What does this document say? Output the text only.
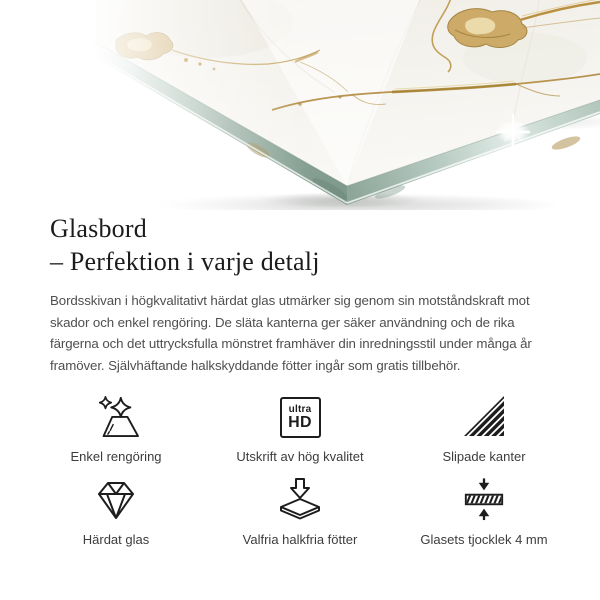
Glasbord
– Perfektion i varje detalj

Bordsskivan i högkvalitativt härdat glas utmärker sig genom sin motståndskraft mot skador och enkel rengöring. De släta kanterna ger säker användning och de rika färgerna och det uttrycksfulla mönstret framhäver din inredningsstil under många år framöver. Självhäftande halkskyddande fötter ingår som gratis tillbehör.

Enkel rengöring
ultra
HD
Utskrift av hög kvalitet	Slipade kanter
Härdat glas	Valfria halkfria fötter	Glasets tjocklek 4 mm
